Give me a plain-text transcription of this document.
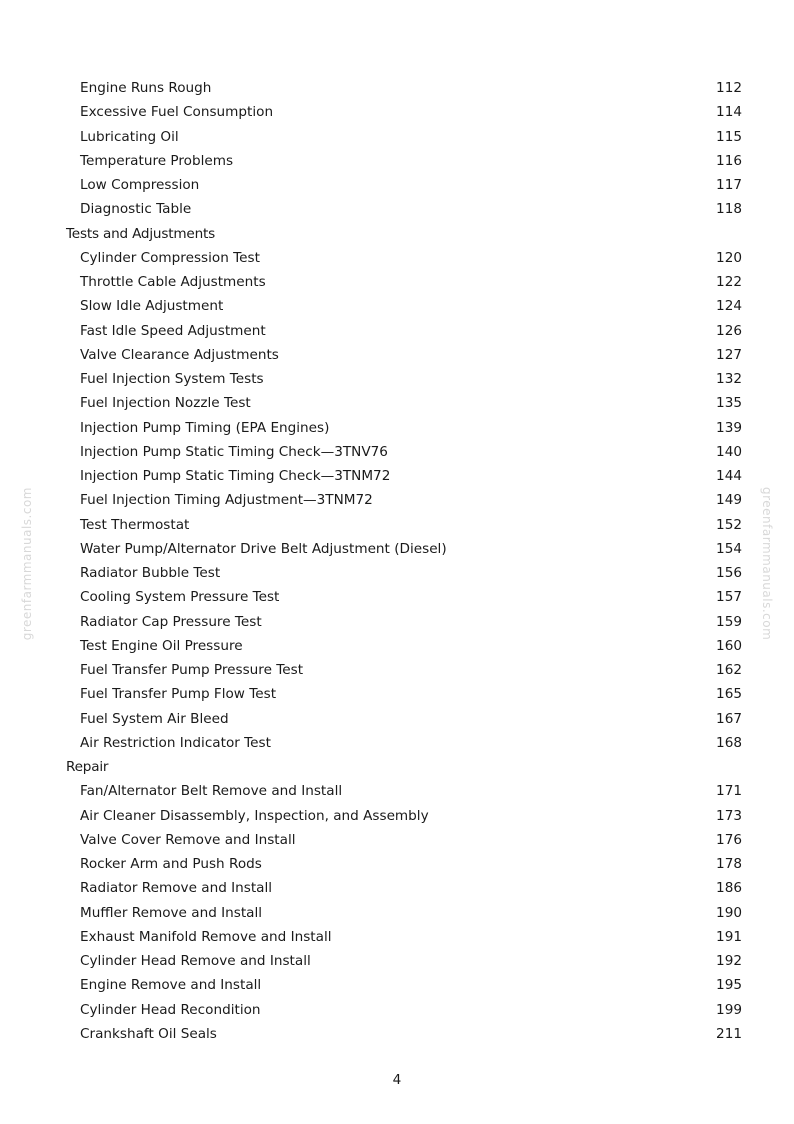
Engine Runs Rough	112
Excessive Fuel Consumption	114
Lubricating Oil	115
Temperature Problems	116
Low Compression	117
Diagnostic Table	118
Tests and Adjustments
Cylinder Compression Test	120
Throttle Cable Adjustments	122
Slow Idle Adjustment	124
Fast Idle Speed Adjustment	126
Valve Clearance Adjustments	127
Fuel Injection System Tests	132
Fuel Injection Nozzle Test	135
Injection Pump Timing (EPA Engines)	139
Injection Pump Static Timing Check—3TNV76	140
Injection Pump Static Timing Check—3TNM72	144
Fuel Injection Timing Adjustment—3TNM72	149
Test Thermostat	152
Water Pump/Alternator Drive Belt Adjustment (Diesel)	154
Radiator Bubble Test	156
Cooling System Pressure Test	157
Radiator Cap Pressure Test	159
Test Engine Oil Pressure	160
Fuel Transfer Pump Pressure Test	162
Fuel Transfer Pump Flow Test	165
Fuel System Air Bleed	167
Air Restriction Indicator Test	168
Repair
Fan/Alternator Belt Remove and Install	171
Air Cleaner Disassembly, Inspection, and Assembly	173
Valve Cover Remove and Install	176
Rocker Arm and Push Rods	178
Radiator Remove and Install	186
Muffler Remove and Install	190
Exhaust Manifold Remove and Install	191
Cylinder Head Remove and Install	192
Engine Remove and Install	195
Cylinder Head Recondition	199
Crankshaft Oil Seals	211
greenfarmmanuals.com	greenfarmmanuals.com
4
